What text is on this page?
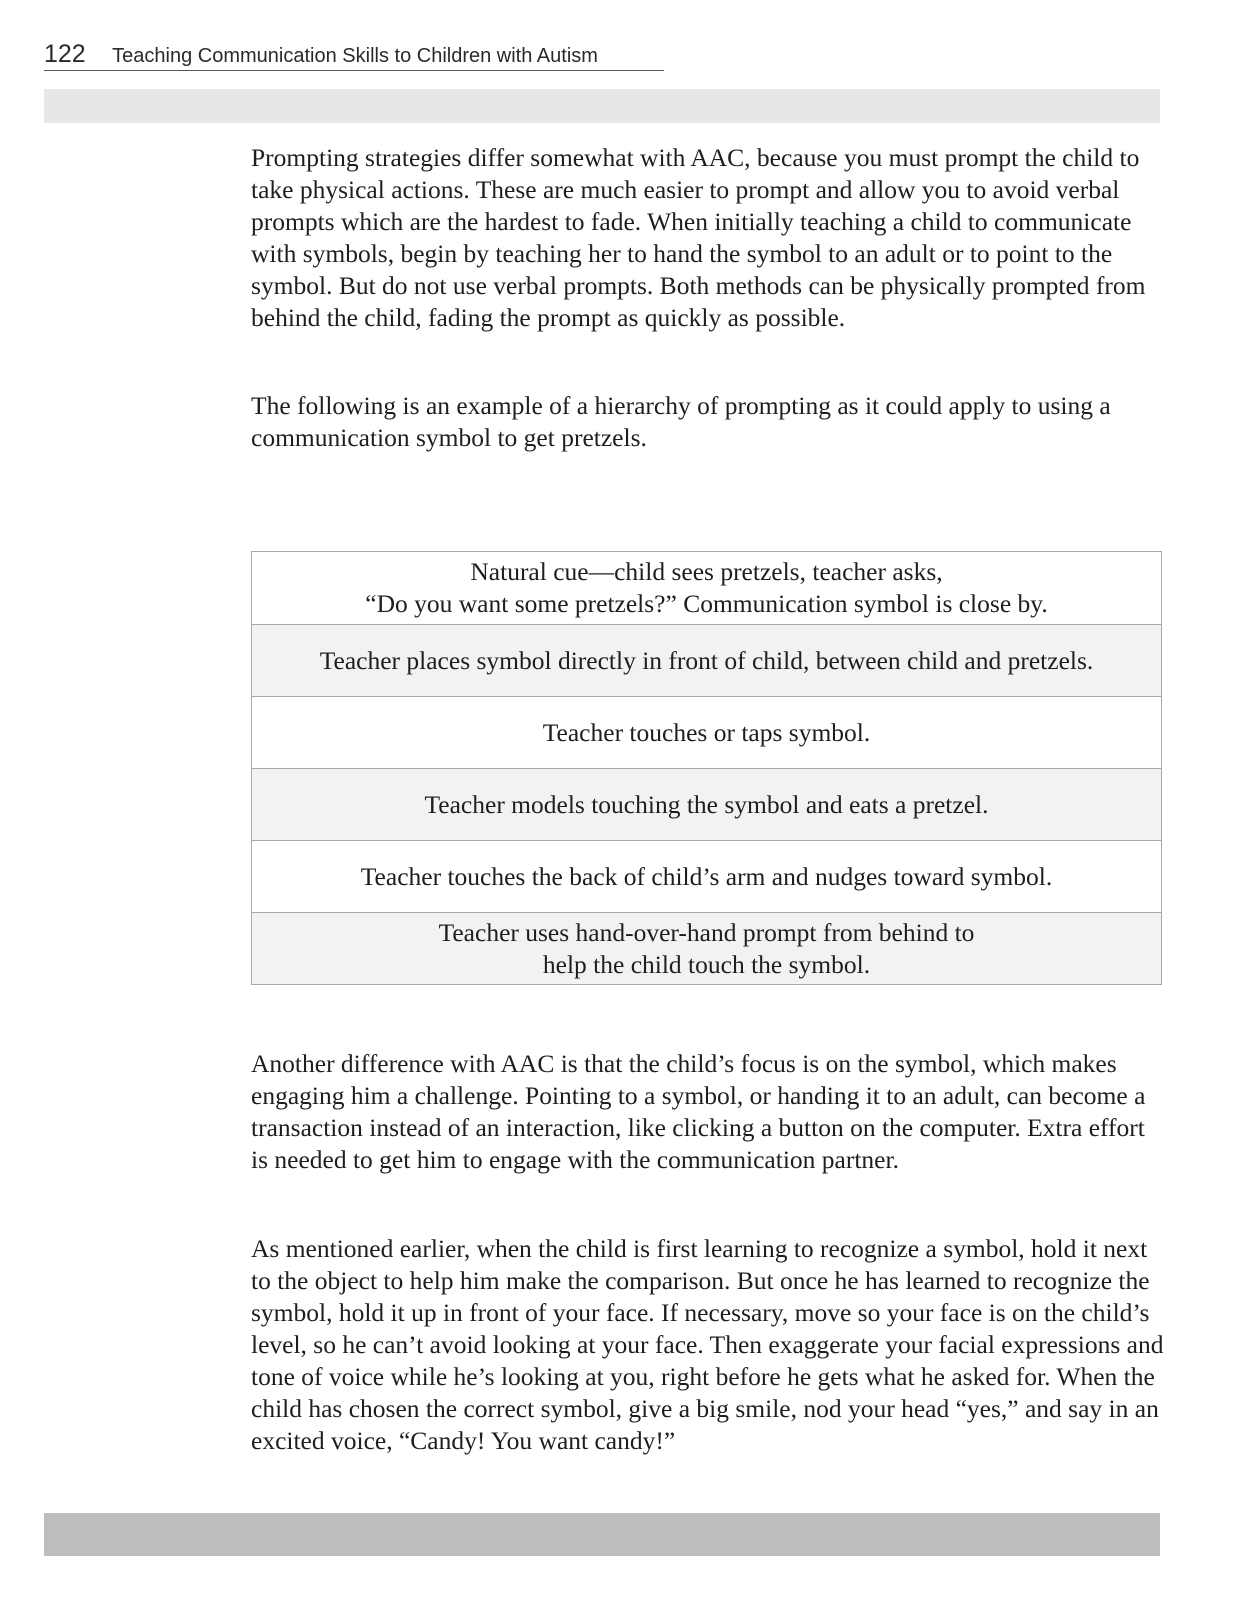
122 Teaching Communication Skills to Children with Autism

Prompting strategies differ somewhat with AAC, because you must prompt the child to take physical actions. These are much easier to prompt and allow you to avoid verbal prompts which are the hardest to fade. When initially teaching a child to communicate with symbols, begin by teaching her to hand the symbol to an adult or to point to the symbol. But do not use verbal prompts. Both methods can be physically prompted from behind the child, fading the prompt as quickly as possible.

The following is an example of a hierarchy of prompting as it could apply to using a communication symbol to get pretzels.

Natural cue—child sees pretzels, teacher asks,
“Do you want some pretzels?” Communication symbol is close by.
Teacher places symbol directly in front of child, between child and pretzels.
Teacher touches or taps symbol.
Teacher models touching the symbol and eats a pretzel.
Teacher touches the back of child’s arm and nudges toward symbol.
Teacher uses hand-over-hand prompt from behind to
help the child touch the symbol.

Another difference with AAC is that the child’s focus is on the symbol, which makes engaging him a challenge. Pointing to a symbol, or handing it to an adult, can become a transaction instead of an interaction, like clicking a button on the computer. Extra effort is needed to get him to engage with the communication partner.

As mentioned earlier, when the child is first learning to recognize a symbol, hold it next to the object to help him make the comparison. But once he has learned to recognize the symbol, hold it up in front of your face. If necessary, move so your face is on the child’s level, so he can’t avoid looking at your face. Then exaggerate your facial expressions and tone of voice while he’s looking at you, right before he gets what he asked for. When the child has chosen the correct symbol, give a big smile, nod your head “yes,” and say in an excited voice, “Candy! You want candy!”
